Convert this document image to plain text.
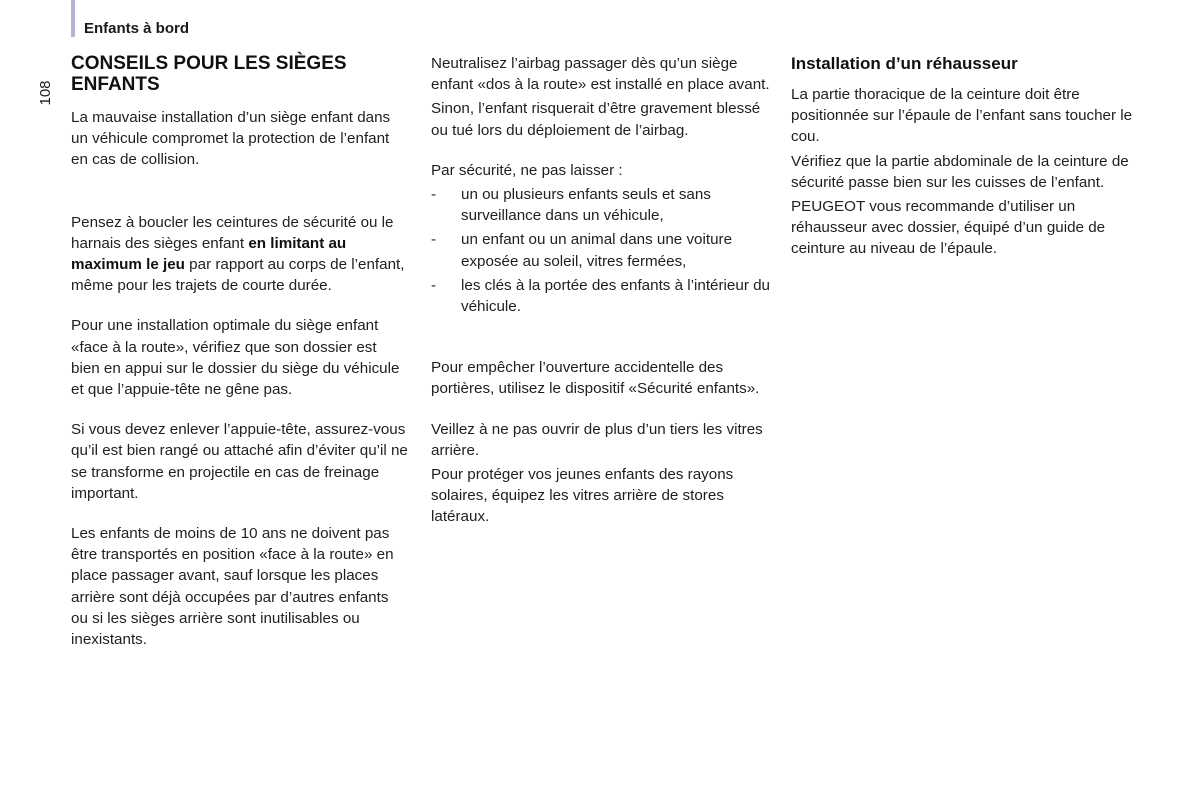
Enfants à bord
108
CONSEILS POUR LES SIÈGES ENFANTS

La mauvaise installation d’un siège enfant dans un véhicule compromet la protection de l’enfant en cas de collision.

Pensez à boucler les ceintures de sécurité ou le harnais des sièges enfant en limitant au maximum le jeu par rapport au corps de l’enfant, même pour les trajets de courte durée.

Pour une installation optimale du siège enfant «face à la route», vérifiez que son dossier est bien en appui sur le dossier du siège du véhicule et que l’appuie-tête ne gêne pas.

Si vous devez enlever l’appuie-tête, assurez-vous qu’il est bien rangé ou attaché afin d’éviter qu’il ne se transforme en projectile en cas de freinage important.

Les enfants de moins de 10 ans ne doivent pas être transportés en position «face à la route» en place passager avant, sauf lorsque les places arrière sont déjà occupées par d’autres enfants ou si les sièges arrière sont inutilisables ou inexistants.

Neutralisez l’airbag passager dès qu’un siège enfant «dos à la route» est installé en place avant.

Sinon, l’enfant risquerait d’être gravement blessé ou tué lors du déploiement de l’airbag.

Par sécurité, ne pas laisser :

- un ou plusieurs enfants seuls et sans surveillance dans un véhicule,
- un enfant ou un animal dans une voiture exposée au soleil, vitres fermées,
- les clés à la portée des enfants à l’intérieur du véhicule.

Pour empêcher l’ouverture accidentelle des portières, utilisez le dispositif «Sécurité enfants».

Veillez à ne pas ouvrir de plus d’un tiers les vitres arrière.

Pour protéger vos jeunes enfants des rayons solaires, équipez les vitres arrière de stores latéraux.

Installation d’un réhausseur

La partie thoracique de la ceinture doit être positionnée sur l’épaule de l’enfant sans toucher le cou.

Vérifiez que la partie abdominale de la ceinture de sécurité passe bien sur les cuisses de l’enfant.

PEUGEOT vous recommande d’utiliser un réhausseur avec dossier, équipé d’un guide de ceinture au niveau de l’épaule.
